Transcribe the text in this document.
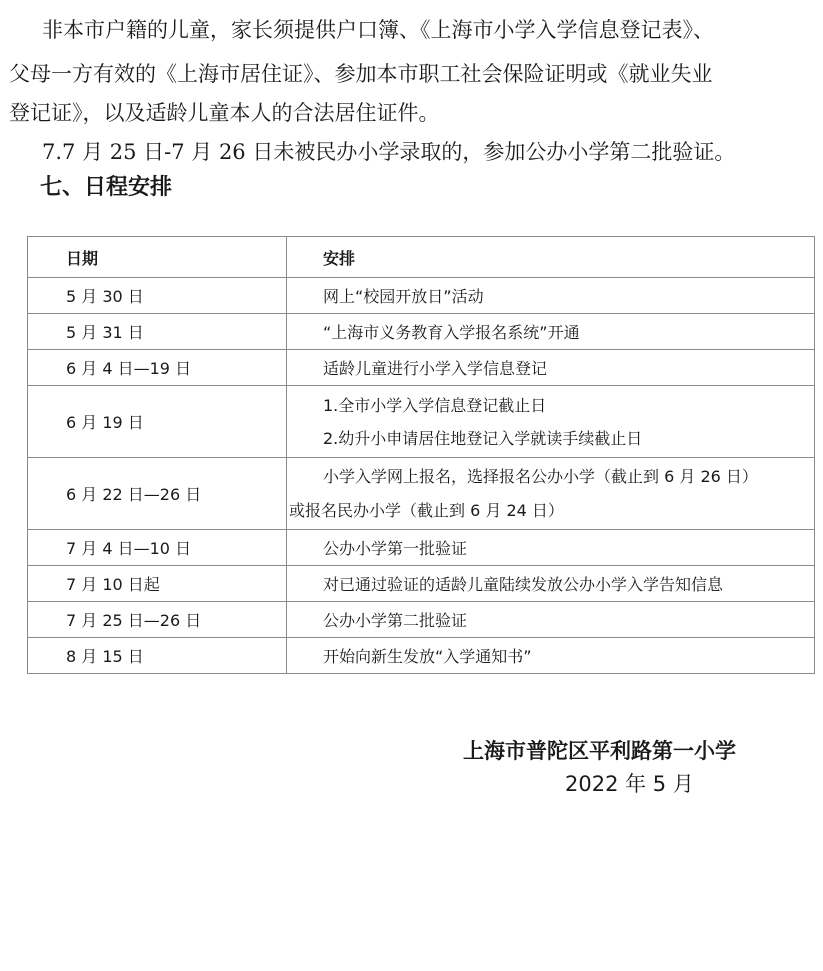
非本市户籍的儿童，家长须提供户口簿、《上海市小学入学信息登记表》、
父母一方有效的《上海市居住证》、参加本市职工社会保险证明或《就业失业
登记证》，以及适龄儿童本人的合法居住证件。
7.7 月 25 日-7 月 26 日未被民办小学录取的，参加公办小学第二批验证。
七、日程安排
日期	安排
5 月 30 日	网上“校园开放日”活动
5 月 31 日	“上海市义务教育入学报名系统”开通
6 月 4 日—19 日	适龄儿童进行小学入学信息登记
6 月 19 日	1.全市小学入学信息登记截止日
2.幼升小申请居住地登记入学就读手续截止日

6 月 22 日—26 日	小学入学网上报名，选择报名公办小学（截止到 6 月 26 日）
或报名民办小学（截止到 6 月 24 日）

7 月 4 日—10 日	公办小学第一批验证
7 月 10 日起	对已通过验证的适龄儿童陆续发放公办小学入学告知信息
7 月 25 日—26 日	公办小学第二批验证
8 月 15 日	开始向新生发放“入学通知书”
上海市普陀区平利路第一小学
2022 年 5 月
